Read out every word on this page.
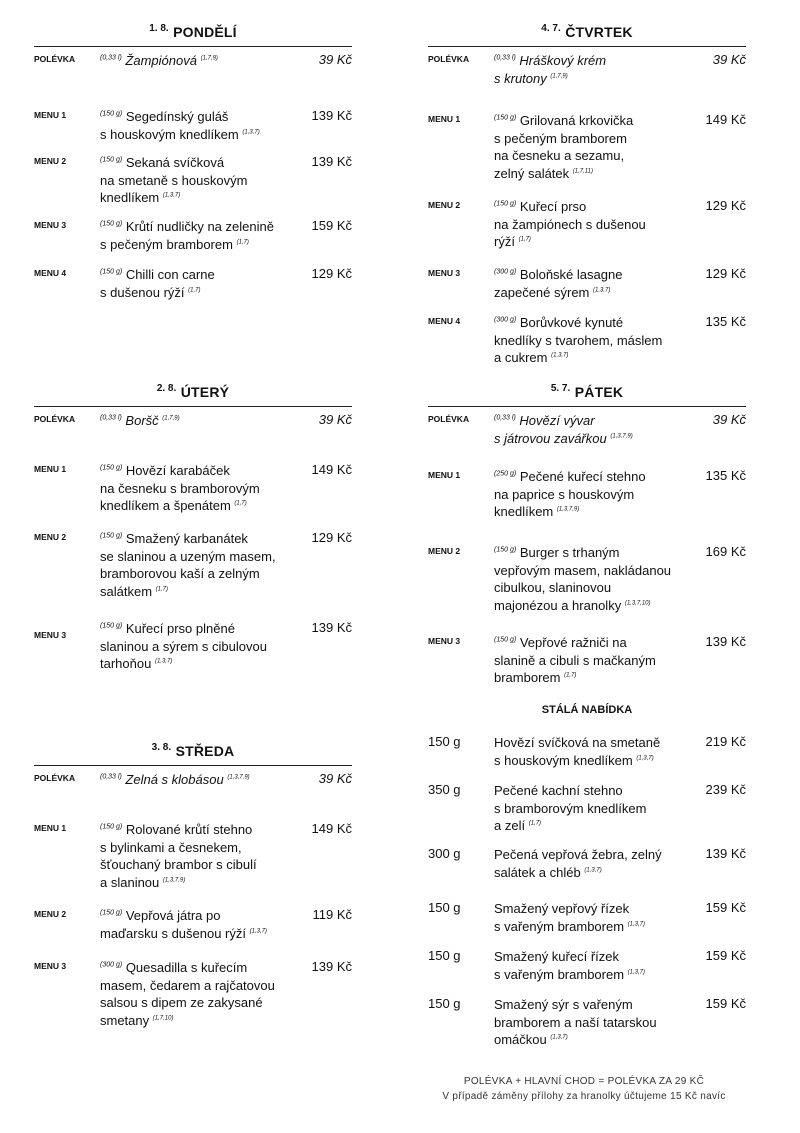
$^{1. 8.}$ PONDĚLÍ
POLÉVKA	$^{(0,33 l)}$ Žampiónová $^{(1,7,9)}$	39 Kč
MENU 1	$^{(150 g)}$ Segedínský guláš
s houskovým knedlíkem $^{(1,3,7)}$
139 Kč
MENU 2	$^{(150 g)}$ Sekaná svíčková
na smetaně s houskovým
knedlíkem $^{(1,3,7)}$
139 Kč
MENU 3	$^{(150 g)}$ Krůtí nudličky na zelenině
s pečeným bramborem $^{(1,7)}$
159 Kč
MENU 4	$^{(150 g)}$ Chilli con carne
s dušenou rýží $^{(1,7)}$
129 Kč
$^{2. 8.}$ ÚTERÝ
POLÉVKA	$^{(0,33 l)}$ Boršč $^{(1,7,9)}$	39 Kč
MENU 1	$^{(150 g)}$ Hovězí karabáček
na česneku s bramborovým
knedlíkem a špenátem $^{(1,7)}$
149 Kč
MENU 2	$^{(150 g)}$ Smažený karbanátek
se slaninou a uzeným masem,
bramborovou kaší a zelným
salátkem $^{(1,7)}$
129 Kč
MENU 3
$^{(150 g)}$ Kuřecí prso plněné
slaninou a sýrem s cibulovou
tarhoňou $^{(1,3,7)}$
139 Kč
$^{3. 8.}$ STŘEDA
POLÉVKA	$^{(0,33 l)}$ Zelná s klobásou $^{(1,3,7,9)}$	39 Kč
MENU 1	$^{(150 g)}$ Rolované krůtí stehno
s bylinkami a česnekem,
šťouchaný brambor s cibulí
a slaninou $^{(1,3,7,9)}$
149 Kč
MENU 2	$^{(150 g)}$ Vepřová játra po
maďarsku s dušenou rýží $^{(1,3,7)}$
119 Kč
MENU 3	$^{(300 g)}$ Quesadilla s kuřecím
masem, čedarem a rajčatovou
salsou s dipem ze zakysané
smetany $^{(1,7,10)}$
139 Kč
$^{4. 7.}$ ČTVRTEK
POLÉVKA	$^{(0,33 l)}$ Hráškový krém
s krutony $^{(1,7,9)}$
39 Kč
MENU 1	$^{(150 g)}$ Grilovaná krkovička
s pečeným bramborem
na česneku a sezamu,
zelný salátek $^{(1,7,11)}$
149 Kč
MENU 2	$^{(150 g)}$ Kuřecí prso
na žampiónech s dušenou
rýží $^{(1,7)}$
129 Kč
MENU 3	$^{(300 g)}$ Boloňské lasagne
zapečené sýrem $^{(1,3,7)}$
129 Kč
MENU 4	$^{(300 g)}$ Borůvkové kynuté
knedlíky s tvarohem, máslem
a cukrem $^{(1,3,7)}$
135 Kč
$^{5. 7.}$ PÁTEK
POLÉVKA	$^{(0,33 l)}$ Hovězí vývar
s játrovou zavářkou $^{(1,3,7,9)}$
39 Kč
MENU 1	$^{(250 g)}$ Pečené kuřecí stehno
na paprice s houskovým
knedlíkem $^{(1,3,7,9)}$
135 Kč
MENU 2	$^{(150 g)}$ Burger s trhaným
vepřovým masem, nakládanou
cibulkou, slaninovou
majonézou a hranolky $^{(1,3,7,10)}$
169 Kč
MENU 3	$^{(150 g)}$ Vepřové ražniči na
slanině a cibuli s mačkaným
bramborem $^{(1,7)}$
139 Kč
STÁLÁ NABÍDKA
150 g	Hovězí svíčková na smetaně
s houskovým knedlíkem $^{(1,3,7)}$
219 Kč
350 g	Pečené kachní stehno
s bramborovým knedlíkem
a zelí $^{(1,7)}$
239 Kč
300 g	Pečená vepřová žebra, zelný
salátek a chléb $^{(1,3,7)}$
139 Kč
150 g	Smažený vepřový řízek
s vařeným bramborem $^{(1,3,7)}$
159 Kč
150 g	Smažený kuřecí řízek
s vařeným bramborem $^{(1,3,7)}$
159 Kč
150 g	Smažený sýr s vařeným
bramborem a naší tatarskou
omáčkou $^{(1,3,7)}$
159 Kč
POLÉVKA + HLAVNÍ CHOD = POLÉVKA ZA 29 KČ
V případě záměny přílohy za hranolky účtujeme 15 Kč navíc
